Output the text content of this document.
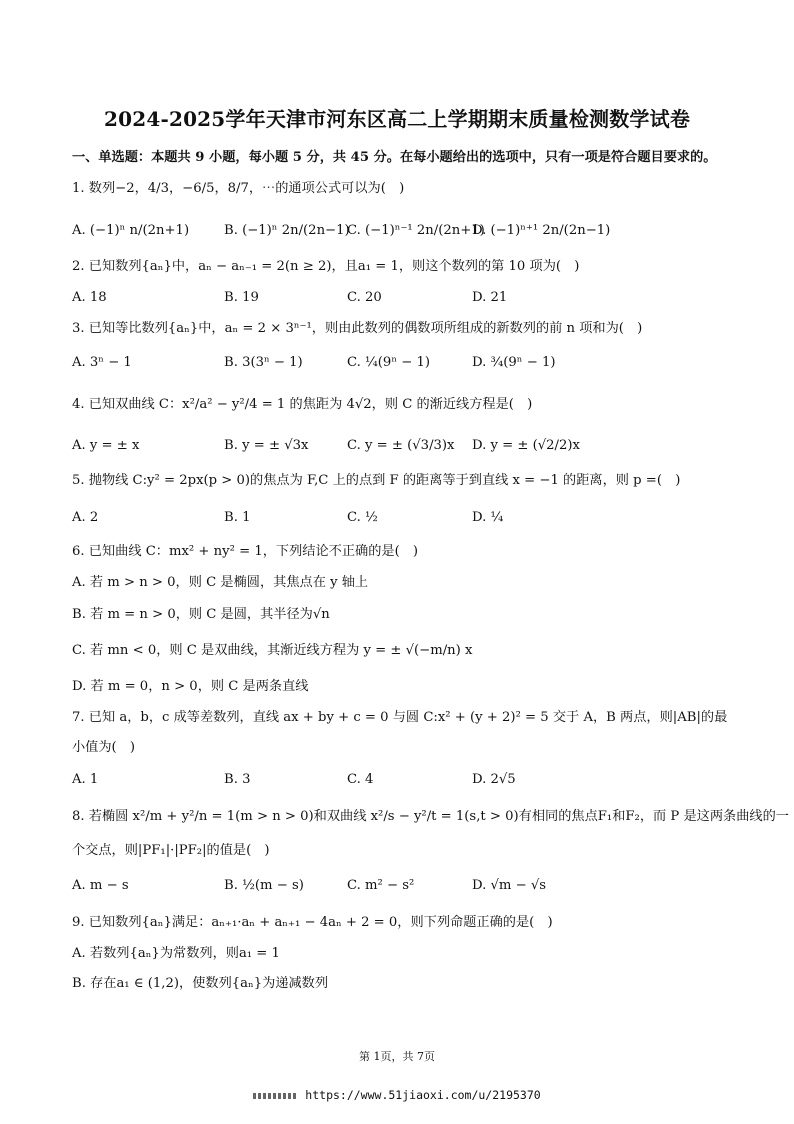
2024-2025学年天津市河东区高二上学期期末质量检测数学试卷
一、单选题：本题共 9 小题，每小题 5 分，共 45 分。在每小题给出的选项中，只有一项是符合题目要求的。
1. 数列−2，4/3，−6/5，8/7，⋯的通项公式可以为(　)
A. (−1)ⁿ n/(2n+1)	B. (−1)ⁿ 2n/(2n−1)
C. (−1)ⁿ⁻¹ 2n/(2n+1)
D. (−1)ⁿ⁺¹ 2n/(2n−1)
2. 已知数列{aₙ}中，aₙ − aₙ₋₁ = 2(n ≥ 2)，且a₁ = 1，则这个数列的第 10 项为(　)
A. 18	B. 19	C. 20	D. 21
3. 已知等比数列{aₙ}中，aₙ = 2 × 3ⁿ⁻¹，则由此数列的偶数项所组成的新数列的前 n 项和为(　)
A. 3ⁿ − 1	B. 3(3ⁿ − 1)	C. ¼(9ⁿ − 1)	D. ¾(9ⁿ − 1)
4. 已知双曲线 C：x²/a² − y²/4 = 1 的焦距为 4√2，则 C 的渐近线方程是(　)
A. y = ± x	B. y = ± √3x	C. y = ± (√3/3)x D. y = ± (√2/2)x
5. 抛物线 C:y² = 2px(p > 0)的焦点为 F,C 上的点到 F 的距离等于到直线 x = −1 的距离，则 p =(　)
A. 2	B. 1	C. ½	D. ¼
6. 已知曲线 C：mx² + ny² = 1，下列结论不正确的是(　)
A. 若 m > n > 0，则 C 是椭圆，其焦点在 y 轴上
B. 若 m = n > 0，则 C 是圆，其半径为√n
C. 若 mn < 0，则 C 是双曲线，其渐近线方程为 y = ± √(−m/n) x
D. 若 m = 0，n > 0，则 C 是两条直线
7. 已知 a，b，c 成等差数列，直线 ax + by + c = 0 与圆 C:x² + (y + 2)² = 5 交于 A，B 两点，则|AB|的最
小值为(　)
A. 1	B. 3	C. 4	D. 2√5
8. 若椭圆 x²/m + y²/n = 1(m > n > 0)和双曲线 x²/s − y²/t = 1(s,t > 0)有相同的焦点F₁和F₂，而 P 是这两条曲线的一
个交点，则|PF₁|·|PF₂|的值是(　)
A. m − s	B. ½(m − s)	C. m² − s²	D. √m − √s
9. 已知数列{aₙ}满足：aₙ₊₁·aₙ + aₙ₊₁ − 4aₙ + 2 = 0，则下列命题正确的是(　)
A. 若数列{aₙ}为常数列，则a₁ = 1
B. 存在a₁ ∈ (1,2)，使数列{aₙ}为递减数列
第 1页，共 7页
https://www.51jiaoxi.com/u/2195370
